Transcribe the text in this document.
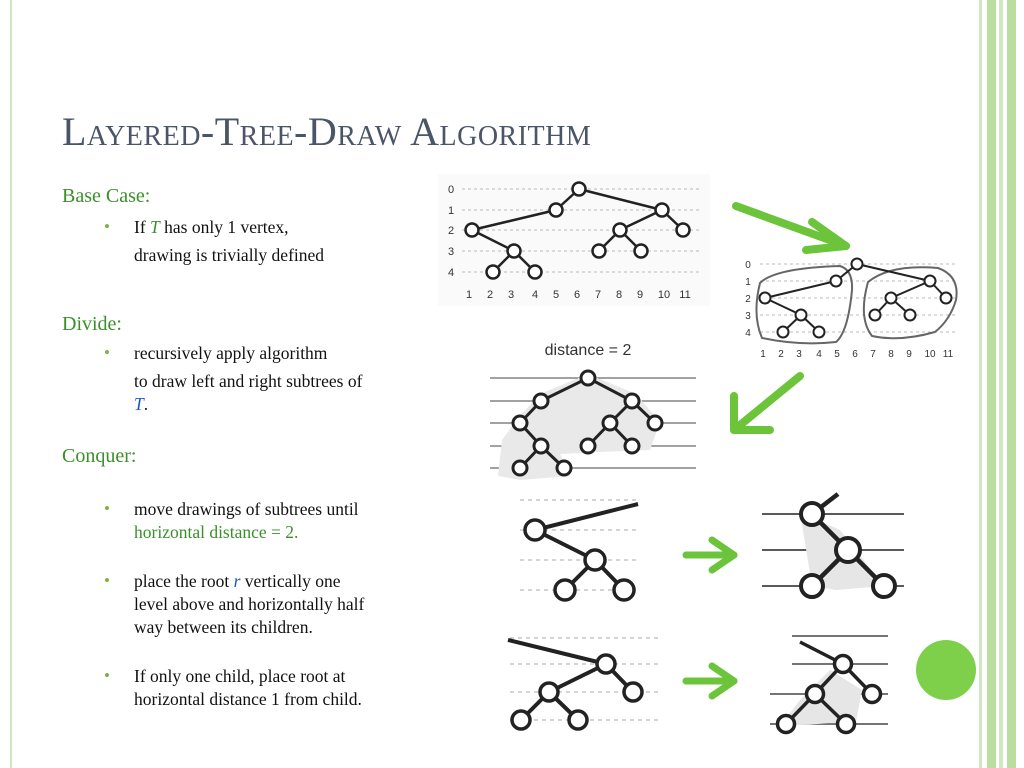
Layered-Tree-Draw Algorithm
Base Case:
• If T has only 1 vertex,
drawing is trivially defined
Divide:
• recursively apply algorithm
to draw left and right subtrees of
T.
Conquer:
• move drawings of subtrees until
horizontal distance = 2.
• place the root r vertically one
level above and horizontally half
way between its children.
• If only one child, place root at
horizontal distance 1 from child.
0
1
2
3
4
1 2 3 4 5 6 7 8 9 10 11
0
1
2
3
4
1 2 3 4 5 6 7 8 9 10 11
distance = 2
